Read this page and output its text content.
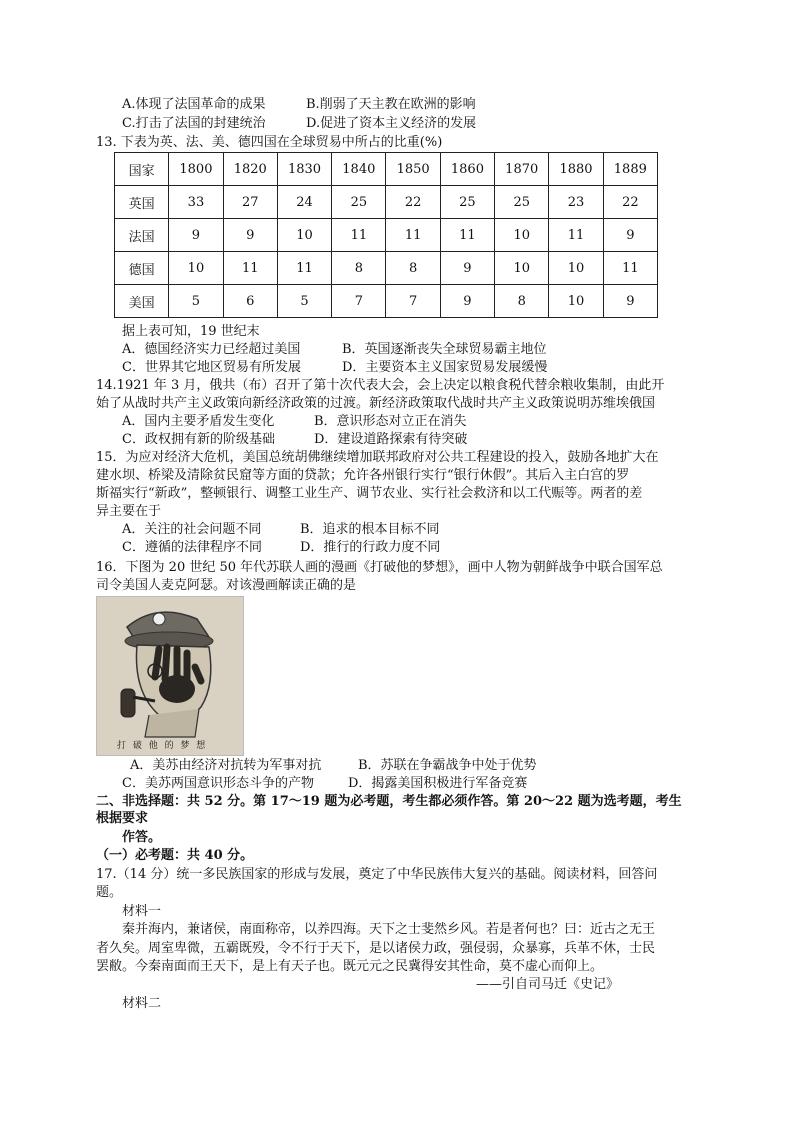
A.体现了法国革命的成果	B.削弱了天主教在欧洲的影响
C.打击了法国的封建统治	D.促进了资本主义经济的发展
13. 下表为英、法、美、德四国在全球贸易中所占的比重(%)
国家	1800	1820	1830	1840	1850	1860	1870	1880	1889
英国	33	27	24	25	22	25	25	23	22
法国	9	9	10	11	11	11	10	11	9
德国	10	11	11	8	8	9	10	10	11
美国	5	6	5	7	7	9	8	10	9
据上表可知，19 世纪末
A．德国经济实力已经超过美国	B．英国逐渐丧失全球贸易霸主地位
C．世界其它地区贸易有所发展	D．主要资本主义国家贸易发展缓慢
14.1921 年 3 月，俄共（布）召开了第十次代表大会，会上决定以粮食税代替余粮收集制，由此开
始了从战时共产主义政策向新经济政策的过渡。新经济政策取代战时共产主义政策说明苏维埃俄国
A．国内主要矛盾发生变化	B．意识形态对立正在消失
C．政权拥有新的阶级基础	D．建设道路探索有待突破
15．为应对经济大危机，美国总统胡佛继续增加联邦政府对公共工程建设的投入，鼓励各地扩大在
建水坝、桥梁及清除贫民窟等方面的贷款；允许各州银行实行“银行休假”。其后入主白宫的罗
斯福实行“新政”，整顿银行、调整工业生产、调节农业、实行社会救济和以工代赈等。两者的差
异主要在于
A．关注的社会问题不同	B．追求的根本目标不同
C．遵循的法律程序不同	D．推行的行政力度不同
16．下图为 20 世纪 50 年代苏联人画的漫画《打破他的梦想》，画中人物为朝鲜战争中联合国军总
司令美国人麦克阿瑟。对该漫画解读正确的是
打 破 他 的 梦 想
A．美苏由经济对抗转为军事对抗	B．苏联在争霸战争中处于优势
C．美苏两国意识形态斗争的产物	D．揭露美国积极进行军备竞赛
二、非选择题：共 52 分。第 17～19 题为必考题，考生都必须作答。第 20～22 题为选考题，考生
根据要求
作答。
（一）必考题：共 40 分。
17.（14 分）统一多民族国家的形成与发展，奠定了中华民族伟大复兴的基础。阅读材料，回答问
题。
材料一
秦并海内，兼诸侯，南面称帝，以养四海。天下之士斐然乡风。若是者何也？曰：近古之无王
者久矣。周室卑微，五霸既殁，令不行于天下，是以诸侯力政，强侵弱，众暴寡，兵革不休，士民
罢敝。今秦南面而王天下，是上有天子也。既元元之民冀得安其性命，莫不虚心而仰上。
——引自司马迁《史记》
材料二
